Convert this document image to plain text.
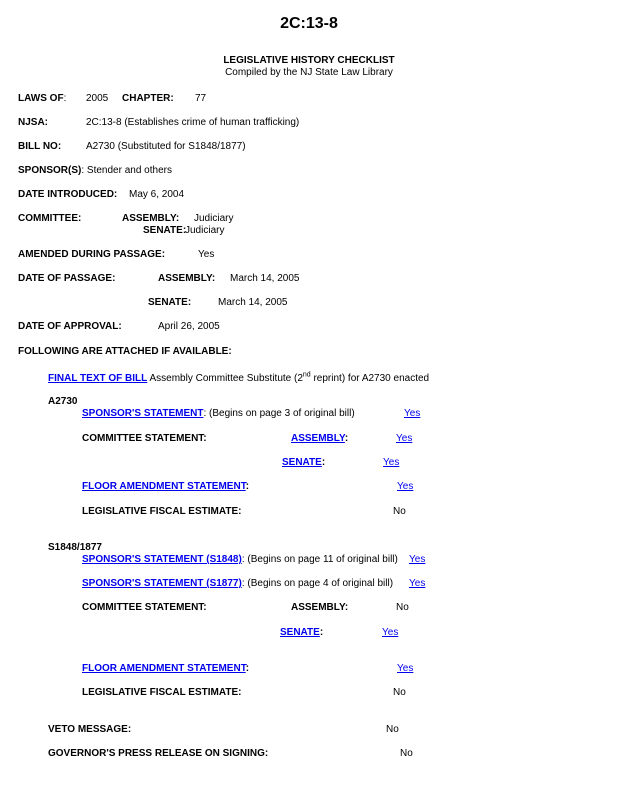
2C:13-8
LEGISLATIVE HISTORY CHECKLIST
Compiled by the NJ State Law Library
LAWS OF: 2005 CHAPTER: 77
NJSA:	2C:13-8 (Establishes crime of human trafficking)
BILL NO: A2730 (Substituted for S1848/1877)
SPONSOR(S): Stender and others
DATE INTRODUCED: May 6, 2004
COMMITTEE:	ASSEMBLY: Judiciary
SENATE:
Judiciary
AMENDED DURING PASSAGE:	Yes
DATE OF PASSAGE:	ASSEMBLY: March 14, 2005
SENATE:	March 14, 2005
DATE OF APPROVAL:	April 26, 2005
FOLLOWING ARE ATTACHED IF AVAILABLE:
FINAL TEXT OF BILL Assembly Committee Substitute (2nd reprint) for A2730 enacted
A2730
SPONSOR'S STATEMENT: (Begins on page 3 of original bill)	Yes
COMMITTEE STATEMENT:	ASSEMBLY:	Yes
SENATE:	Yes
FLOOR AMENDMENT STATEMENT:	Yes
LEGISLATIVE FISCAL ESTIMATE:	No
S1848/1877
SPONSOR'S STATEMENT (S1848): (Begins on page 11 of original bill) Yes
SPONSOR'S STATEMENT (S1877): (Begins on page 4 of original bill) Yes
COMMITTEE STATEMENT:	ASSEMBLY:	No
SENATE:	Yes
FLOOR AMENDMENT STATEMENT:	Yes
LEGISLATIVE FISCAL ESTIMATE:	No
VETO MESSAGE:	No
GOVERNOR'S PRESS RELEASE ON SIGNING:	No
